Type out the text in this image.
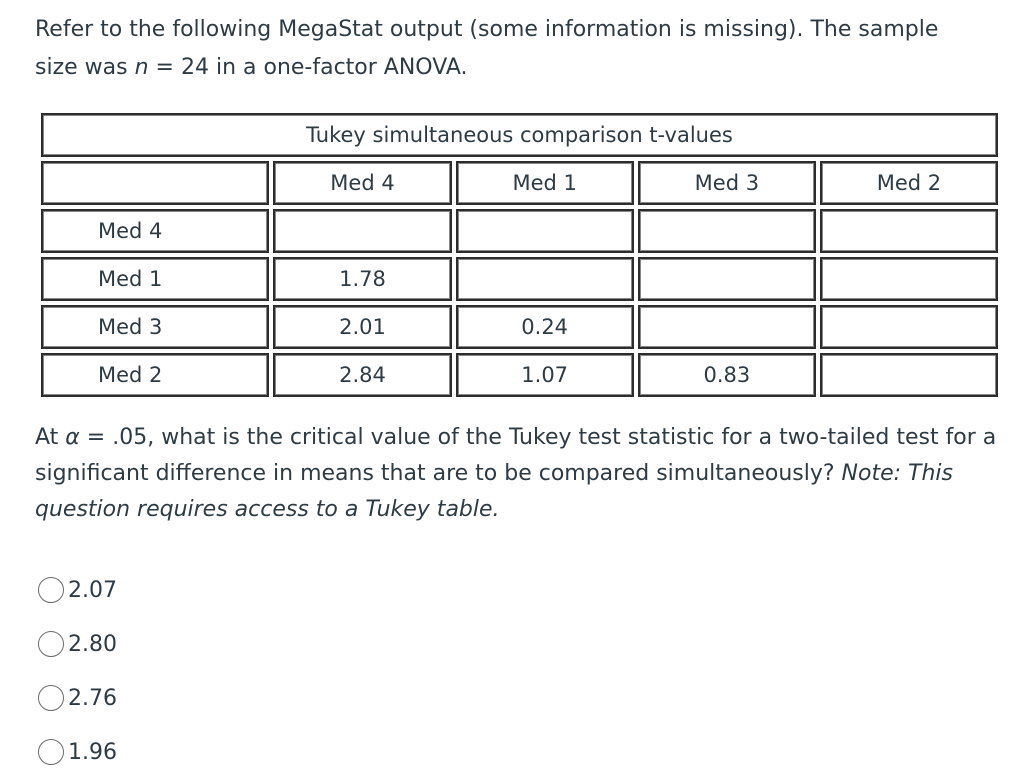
Refer to the following MegaStat output (some information is missing). The sample
size was n = 24 in a one-factor ANOVA.
Tukey simultaneous comparison t-values				
	Med 4	Med 1	Med 3	Med 2
Med 4				
Med 1	1.78			
Med 3	2.01	0.24		
Med 2	2.84	1.07	0.83	
At α = .05, what is the critical value of the Tukey test statistic for a two-tailed test for a significant difference in means that are to be compared simultaneously? Note: This question requires access to a Tukey table.
2.07
2.80
2.76
1.96
